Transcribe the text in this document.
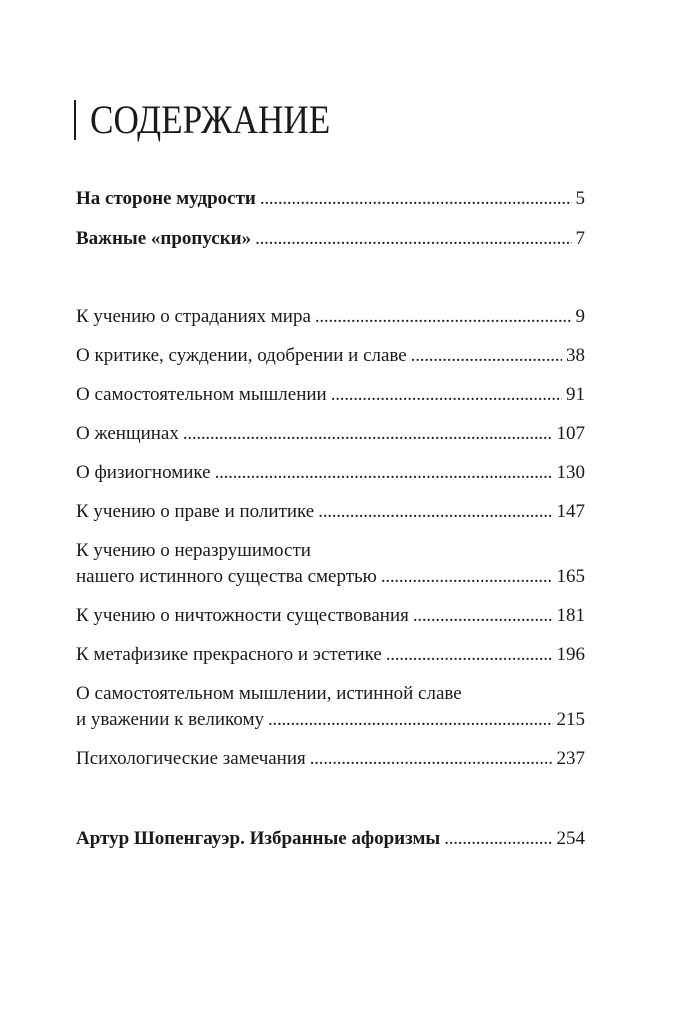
СОДЕРЖАНИЕ
На стороне мудрости . . .	5
Важные «пропуски» . . .	7
К учению о страданиях мира . . .	9
О критике, суждении, одобрении и славе . . .	38
О самостоятельном мышлении . . .	91
О женщинах . . .	107
О физиогномике . . .	130
К учению о праве и политике . . .	147
К учению о неразрушимости
нашего истинного существа смертью . . .	165
К учению о ничтожности существования . . .	181
К метафизике прекрасного и эстетике . . .	196
О самостоятельном мышлении, истинной славе
и уважении к великому . . .	215
Психологические замечания . . .	237
Артур Шопенгауэр. Избранные афоризмы . . .	254
